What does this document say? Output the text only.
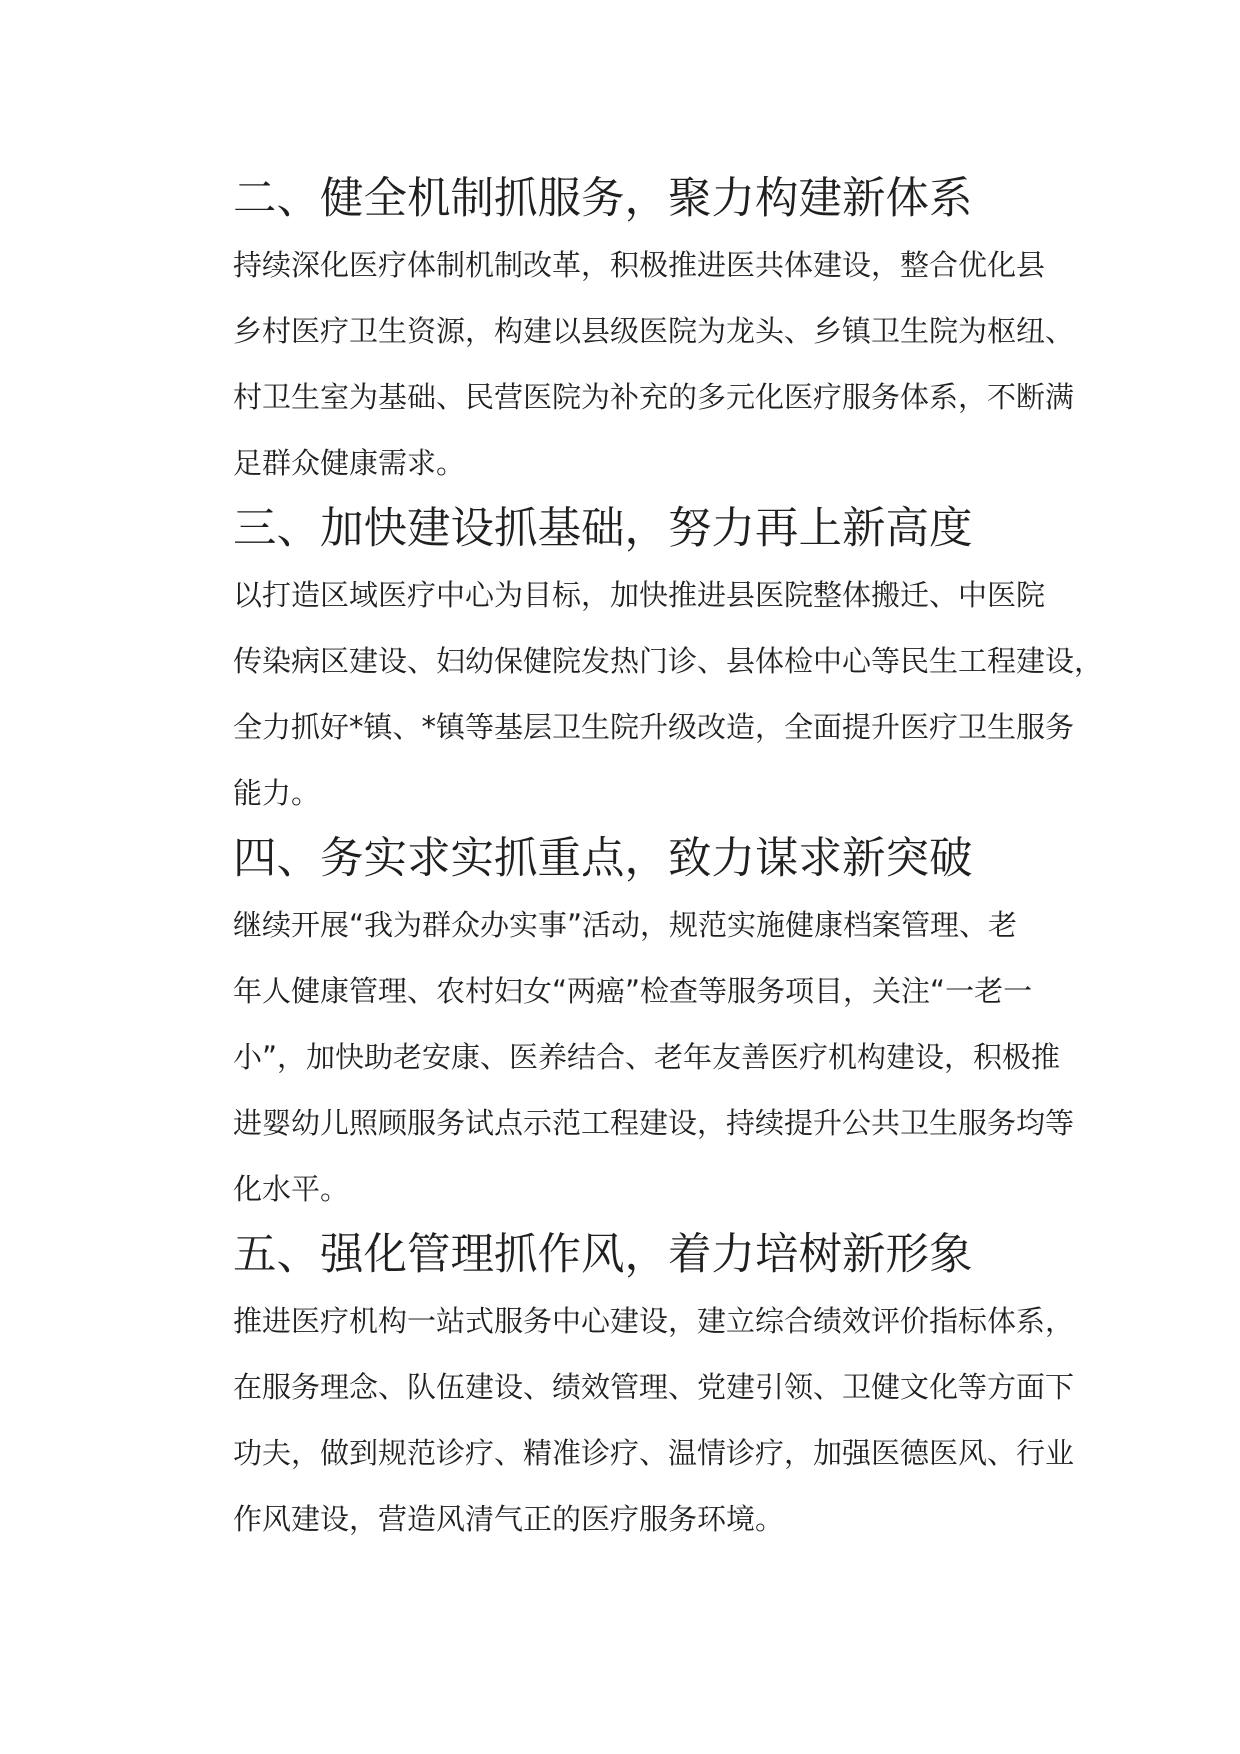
二、健全机制抓服务，聚力构建新体系

持续深化医疗体制机制改革，积极推进医共体建设，整合优化县
乡村医疗卫生资源，构建以县级医院为龙头、乡镇卫生院为枢纽、
村卫生室为基础、民营医院为补充的多元化医疗服务体系，不断满
足群众健康需求。

三、加快建设抓基础，努力再上新高度

以打造区域医疗中心为目标，加快推进县医院整体搬迁、中医院
传染病区建设、妇幼保健院发热门诊、县体检中心等民生工程建设，
全力抓好*镇、*镇等基层卫生院升级改造，全面提升医疗卫生服务
能力。

四、务实求实抓重点，致力谋求新突破

继续开展“我为群众办实事”活动，规范实施健康档案管理、老
年人健康管理、农村妇女“两癌”检查等服务项目，关注“一老一
小”，加快助老安康、医养结合、老年友善医疗机构建设，积极推
进婴幼儿照顾服务试点示范工程建设，持续提升公共卫生服务均等
化水平。

五、强化管理抓作风，着力培树新形象

推进医疗机构一站式服务中心建设，建立综合绩效评价指标体系，
在服务理念、队伍建设、绩效管理、党建引领、卫健文化等方面下
功夫，做到规范诊疗、精准诊疗、温情诊疗，加强医德医风、行业
作风建设，营造风清气正的医疗服务环境。
